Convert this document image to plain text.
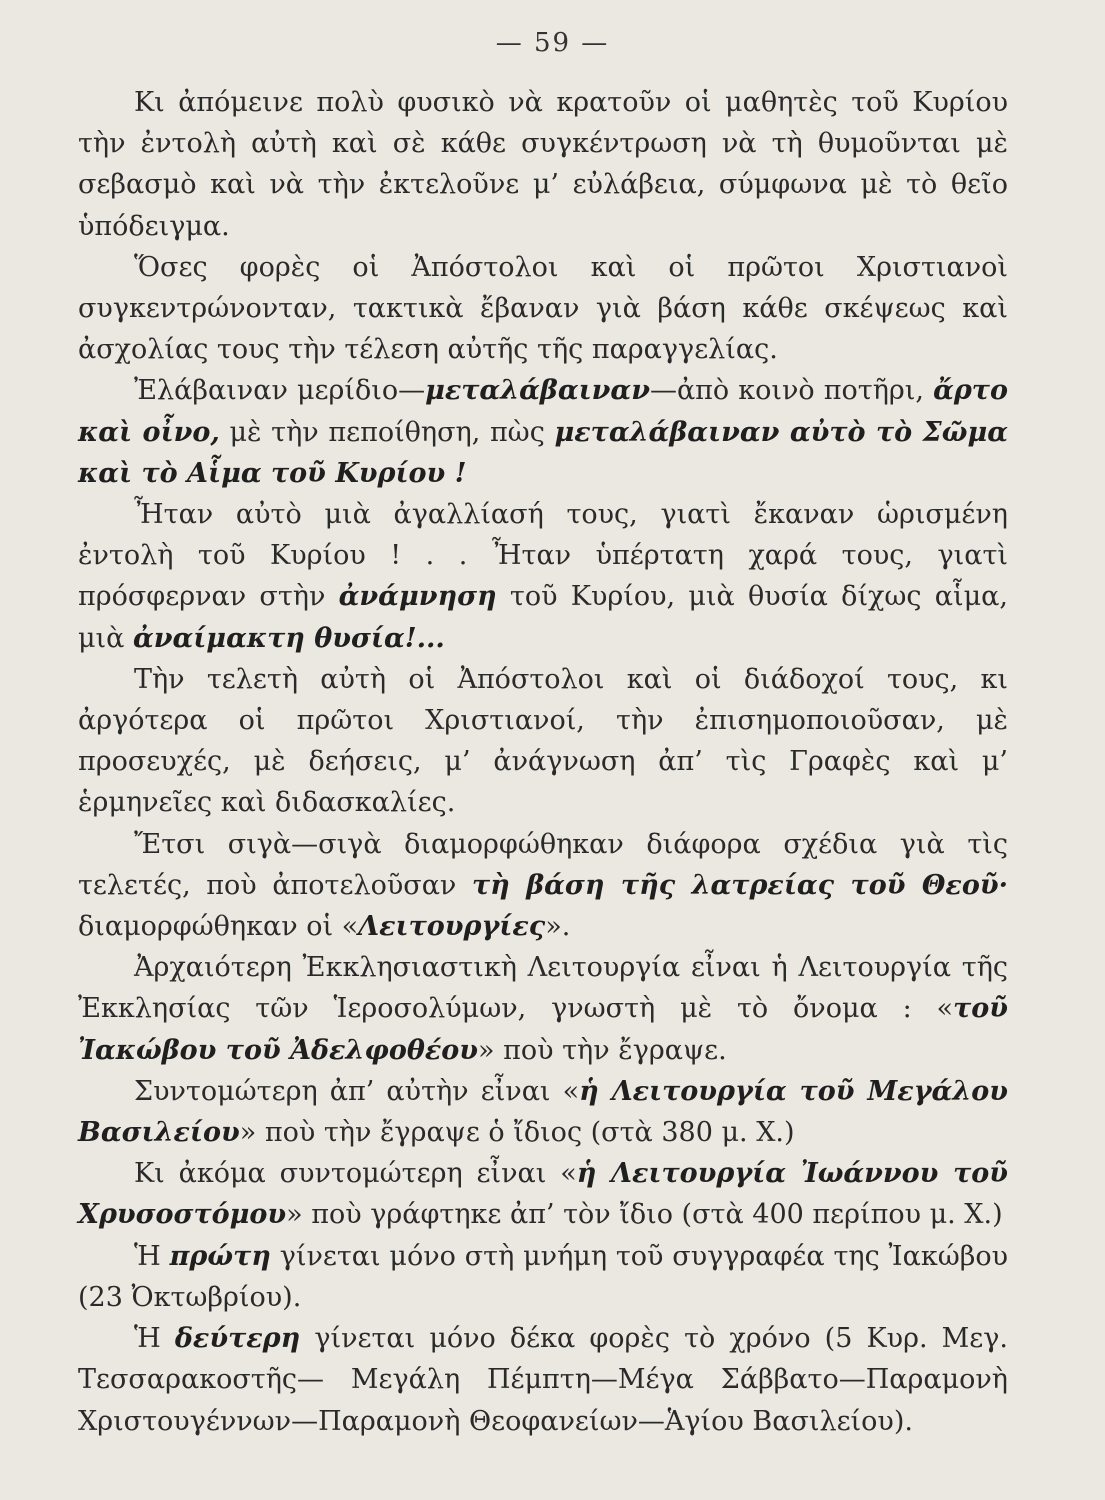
— 59 —

Κι ἀπόμεινε πολὺ φυσικὸ νὰ κρατοῦν οἱ μαθητὲς τοῦ Κυρίου τὴν ἐντολὴ αὐτὴ καὶ σὲ κάθε συγκέντρωση νὰ τὴ θυμοῦνται μὲ σεβασμὸ καὶ νὰ τὴν ἐκτελοῦνε μ’ εὐλάβεια, σύμφωνα μὲ τὸ θεῖο ὑπόδειγμα.

Ὅσες φορὲς οἱ Ἀπόστολοι καὶ οἱ πρῶτοι Χριστιανοὶ συγκεντρώνονταν, τακτικὰ ἔβαναν γιὰ βάση κάθε σκέψεως καὶ ἀσχολίας τους τὴν τέλεση αὐτῆς τῆς παραγγελίας.

Ἐλάβαιναν μερίδιο—μεταλάβαιναν—ἀπὸ κοινὸ ποτῆρι, ἄρτο καὶ οἶνο, μὲ τὴν πεποίθηση, πὼς μεταλάβαιναν αὐτὸ τὸ Σῶμα καὶ τὸ Αἷμα τοῦ Κυρίου !

Ἦταν αὐτὸ μιὰ ἀγαλλίασή τους, γιατὶ ἔκαναν ὡρισμένη ἐντολὴ τοῦ Κυρίου ! . . Ἦταν ὑπέρτατη χαρά τους, γιατὶ πρόσφερναν στὴν ἀνάμνηση τοῦ Κυρίου, μιὰ θυσία δίχως αἷμα, μιὰ ἀναίμακτη θυσία!...

Τὴν τελετὴ αὐτὴ οἱ Ἀπόστολοι καὶ οἱ διάδοχοί τους, κι ἀργότερα οἱ πρῶτοι Χριστιανοί, τὴν ἐπισημοποιοῦσαν, μὲ προσευχές, μὲ δεήσεις, μ’ ἀνάγνωση ἀπ’ τὶς Γραφὲς καὶ μ’ ἑρμηνεῖες καὶ διδασκαλίες.

Ἔτσι σιγὰ—σιγὰ διαμορφώθηκαν διάφορα σχέδια γιὰ τὶς τελετές, ποὺ ἀποτελοῦσαν τὴ βάση τῆς λατρείας τοῦ Θεοῦ· διαμορφώθηκαν οἱ «Λειτουργίες».

Ἀρχαιότερη Ἐκκλησιαστικὴ Λειτουργία εἶναι ἡ Λειτουργία τῆς Ἐκκλησίας τῶν Ἱεροσολύμων, γνωστὴ μὲ τὸ ὄνομα : «τοῦ Ἰακώβου τοῦ Ἀδελφοθέου» ποὺ τὴν ἔγραψε.

Συντομώτερη ἀπ’ αὐτὴν εἶναι «ἡ Λειτουργία τοῦ Μεγάλου Βασιλείου» ποὺ τὴν ἔγραψε ὁ ἴδιος (στὰ 380 μ. Χ.)

Κι ἀκόμα συντομώτερη εἶναι «ἡ Λειτουργία Ἰωάννου τοῦ Χρυσοστόμου» ποὺ γράφτηκε ἀπ’ τὸν ἴδιο (στὰ 400 περίπου μ. Χ.)

Ἡ πρώτη γίνεται μόνο στὴ μνήμη τοῦ συγγραφέα της Ἰακώβου (23 Ὀκτωβρίου).

Ἡ δεύτερη γίνεται μόνο δέκα φορὲς τὸ χρόνο (5 Κυρ. Μεγ. Τεσσαρακοστῆς— Μεγάλη Πέμπτη—Μέγα Σάββατο—Παραμονὴ Χριστουγέννων—Παραμονὴ Θεοφανείων—Ἁγίου Βασιλείου).
